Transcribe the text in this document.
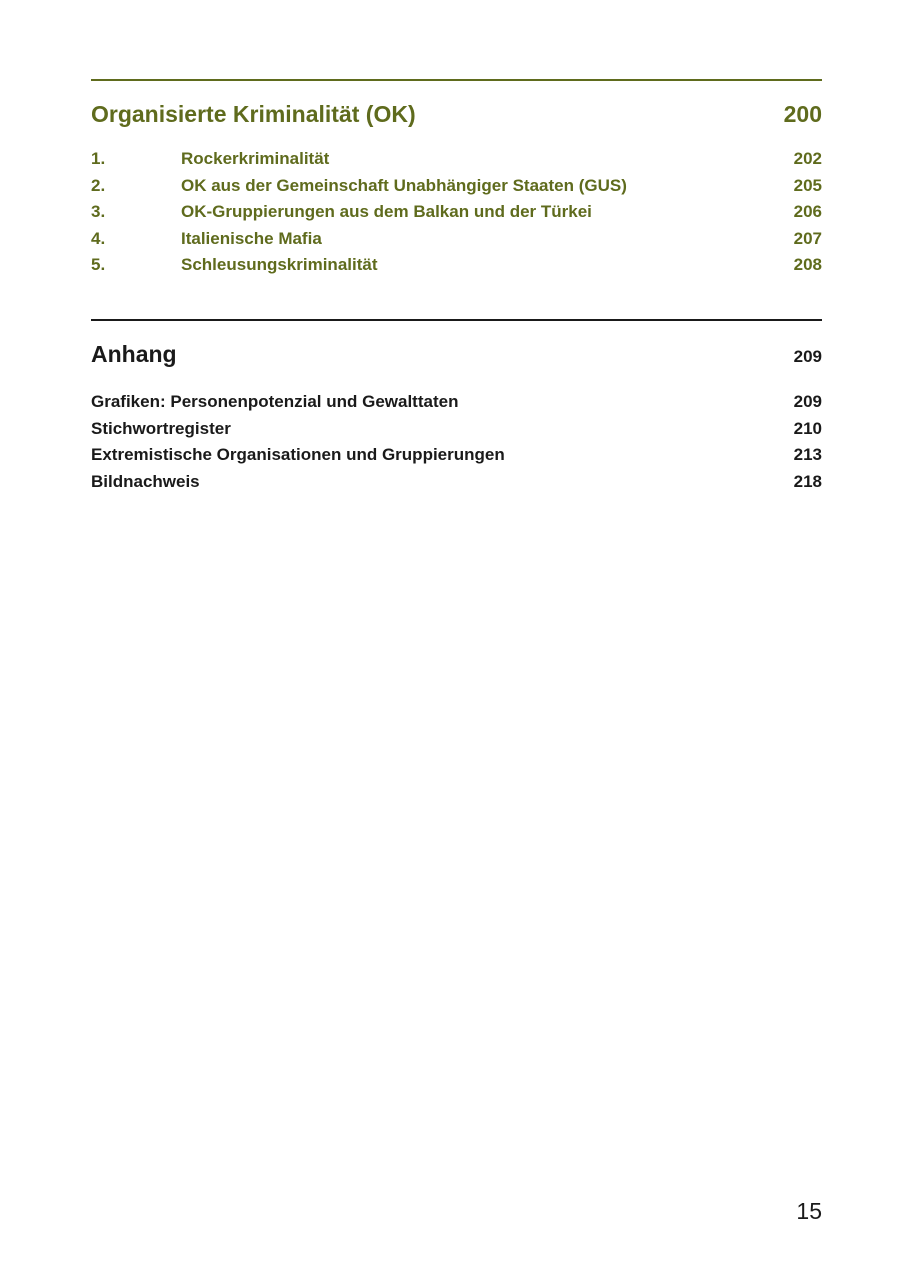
Organisierte Kriminalität (OK)	200
1.	Rockerkriminalität	202
2.	OK aus der Gemeinschaft Unabhängiger Staaten (GUS)	205
3.	OK-Gruppierungen aus dem Balkan und der Türkei	206
4.	Italienische Mafia	207
5.	Schleusungskriminalität	208
Anhang	209
Grafiken: Personenpotenzial und Gewalttaten	209
Stichwortregister	210
Extremistische Organisationen und Gruppierungen	213
Bildnachweis	218
15
